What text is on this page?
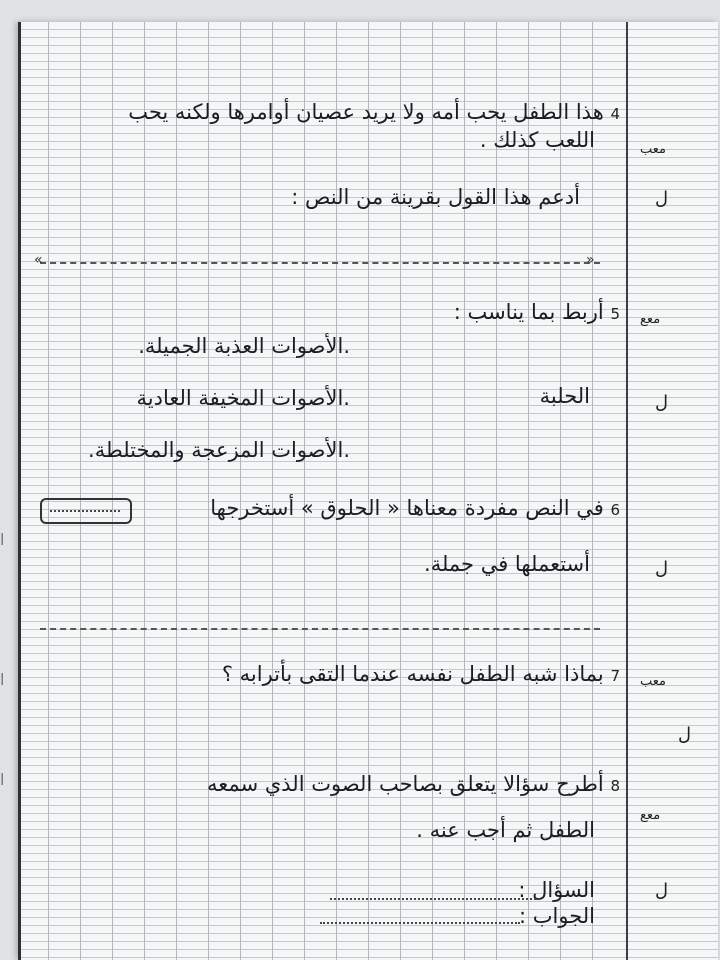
l
l
l
4 هذا الطفل يحب أمه ولا يريد عصيان أوامرها ولكنه يحب
اللعب كذلك .
أدعم هذا القول بقرينة من النص :
معب
ل
«	»
5 أربط بما يناسب :	معع
.الأصوات العذبة الجميلة.
.الأصوات المخيفة العادية
.الأصوات المزعجة والمختلطة.
الحلبة	ل
6 في النص مفردة معناها « الحلوق » أستخرجها
أستعملها في جملة.	ل
7 بماذا شبه الطفل نفسه عندما التقى بأترابه ؟	معب
ل
8 أطرح سؤالا يتعلق بصاحب الصوت الذي سمعه
معع
الطفل ثم أجب عنه .
السؤال :
الجواب :
ل
